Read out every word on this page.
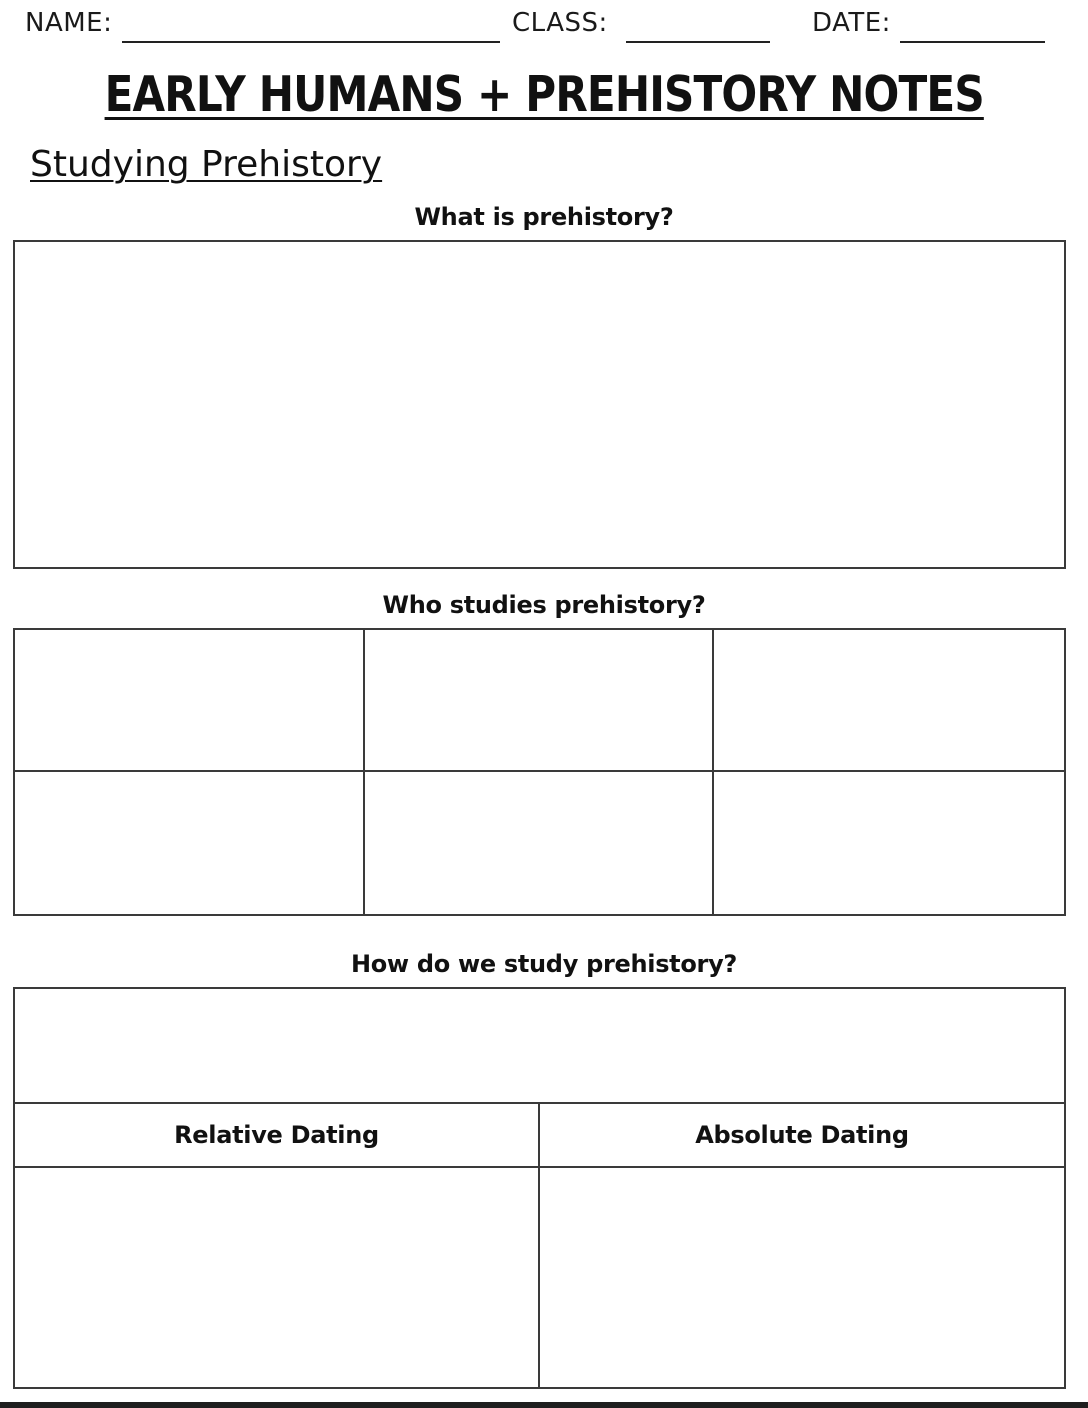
NAME:	CLASS:	DATE:
EARLY HUMANS + PREHISTORY NOTES
Studying Prehistory

What is prehistory?

Who studies prehistory?

How do we study prehistory?

Relative Dating	Absolute Dating
